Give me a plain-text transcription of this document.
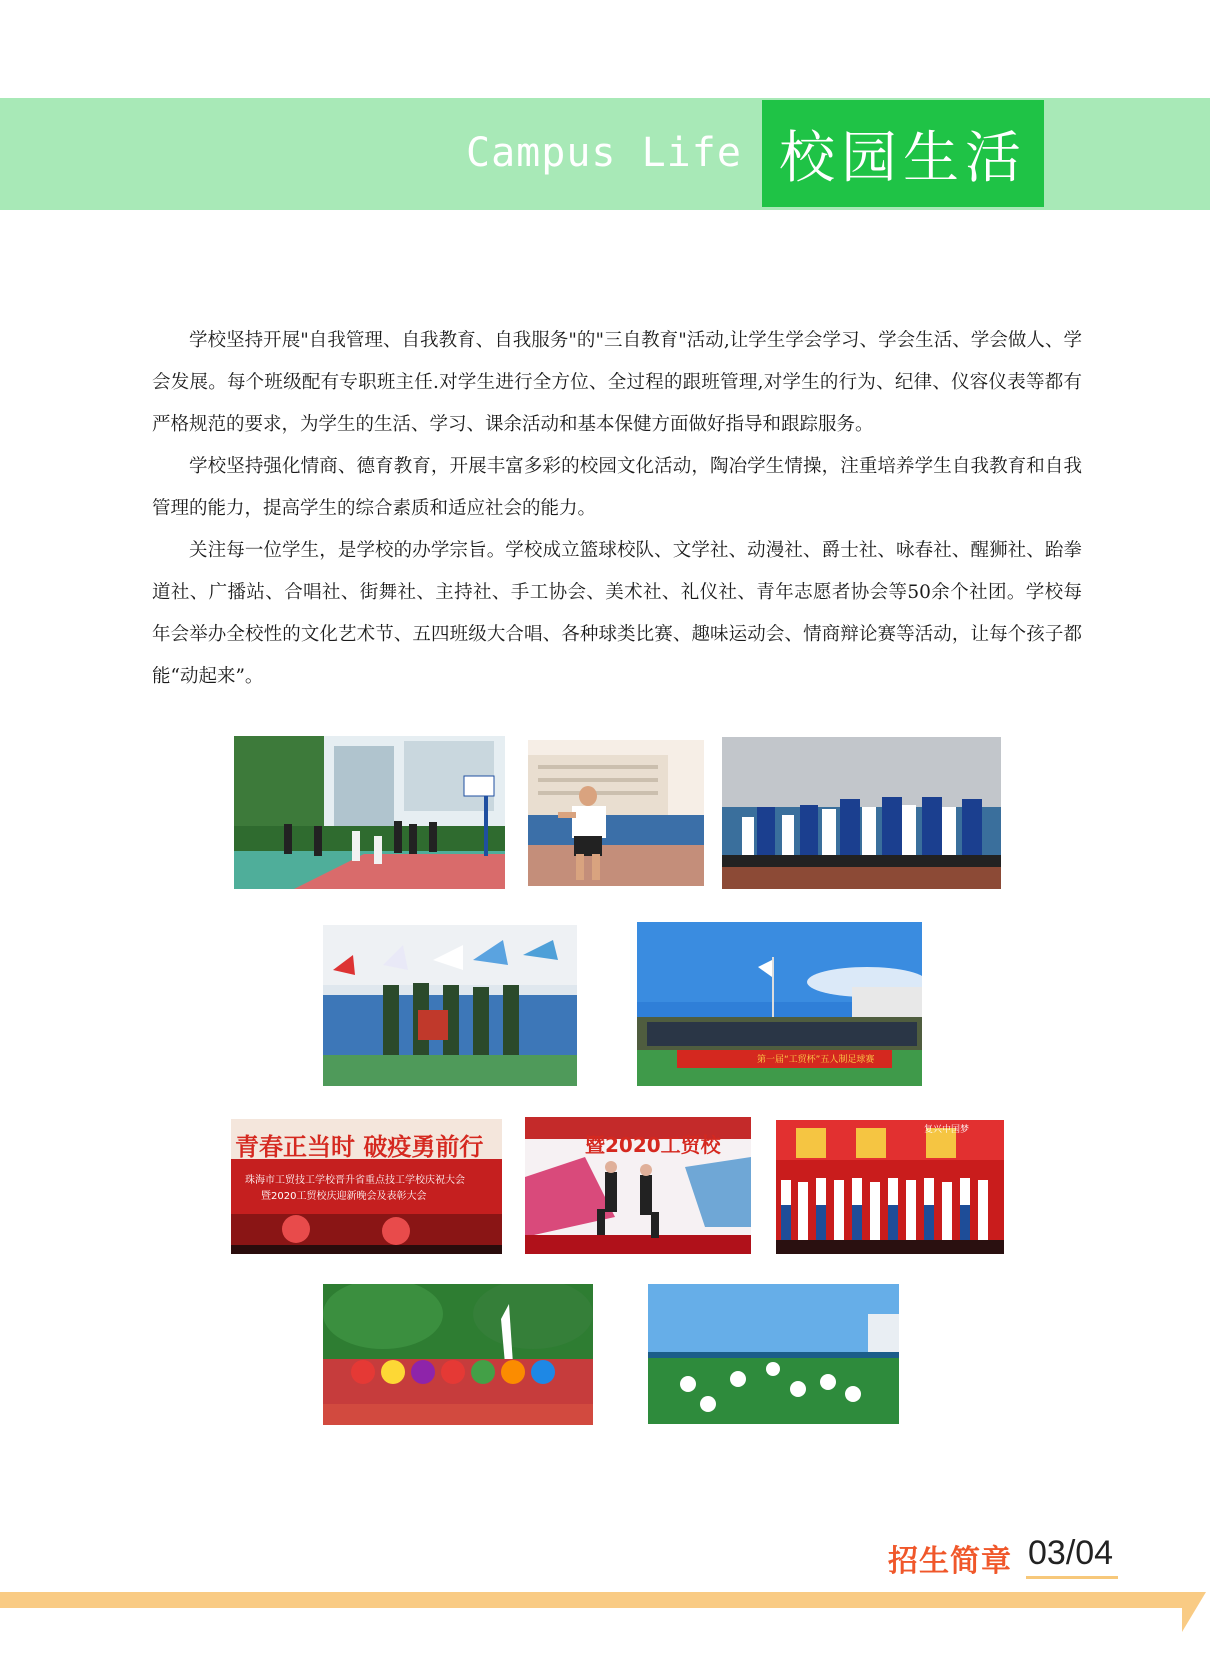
Campus Life 校园生活

学校坚持开展"自我管理、自我教育、自我服务"的"三自教育"活动,让学生学会学习、学会生活、学会做人、学会发展。每个班级配有专职班主任.对学生进行全方位、全过程的跟班管理,对学生的行为、纪律、仪容仪表等都有严格规范的要求，为学生的生活、学习、课余活动和基本保健方面做好指导和跟踪服务。

学校坚持强化情商、德育教育，开展丰富多彩的校园文化活动，陶冶学生情操，注重培养学生自我教育和自我管理的能力，提高学生的综合素质和适应社会的能力。

关注每一位学生，是学校的办学宗旨。学校成立篮球校队、文学社、动漫社、爵士社、咏春社、醒狮社、跆拳道社、广播站、合唱社、街舞社、主持社、手工协会、美术社、礼仪社、青年志愿者协会等50余个社团。学校每年会举办全校性的文化艺术节、五四班级大合唱、各种球类比赛、趣味运动会、情商辩论赛等活动，让每个孩子都能“动起来”。

第一届“工贸杯”五人制足球赛
青春正当时 破疫勇前行
珠海市工贸技工学校晋升省重点技工学校庆祝大会
暨2020工贸校庆迎新晚会及表彰大会
暨2020工贸校
复兴中国梦
招生简章 03/04
